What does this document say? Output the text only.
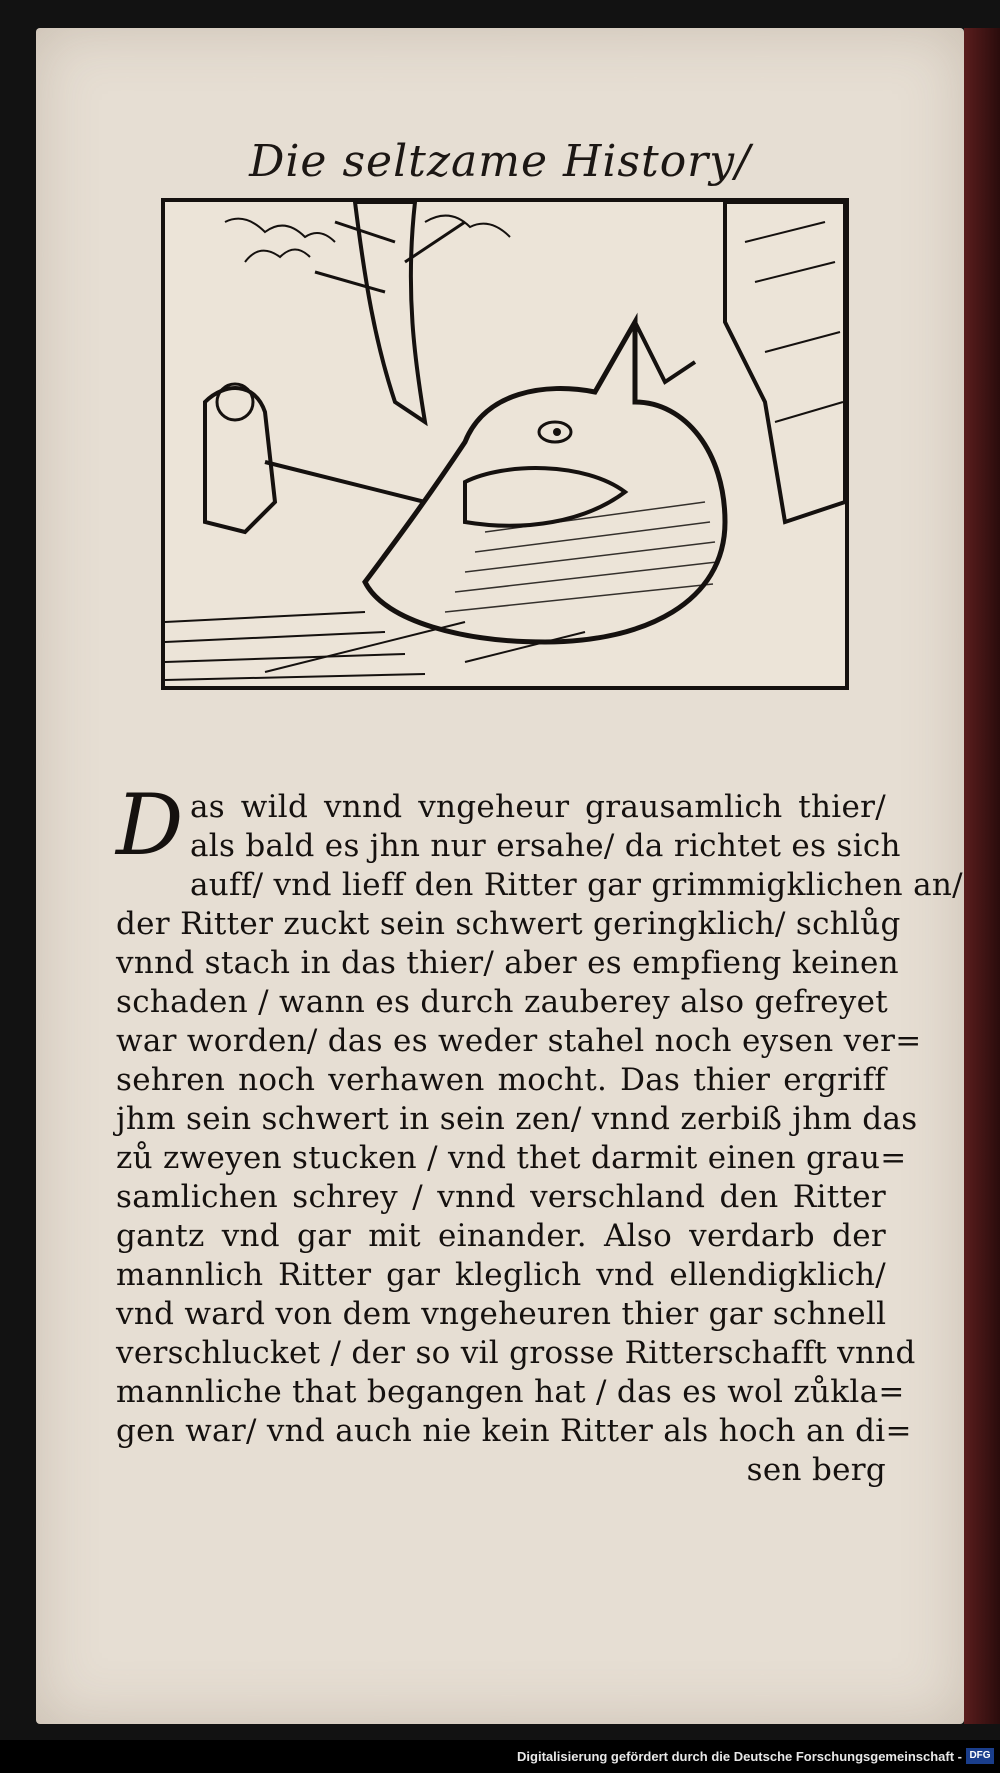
Die seltzame History/
D as wild vnnd vngeheur grausamlich thier/
als bald es jhn nur ersahe/ da richtet es sich
auff/ vnd lieff den Ritter gar grimmigklichen an/
der Ritter zuckt sein schwert geringklich/ schlůg
vnnd stach in das thier/ aber es empfieng keinen
schaden / wann es durch zauberey also gefreyet
war worden/ das es weder stahel noch eysen ver=
sehren noch verhawen mocht. Das thier ergriff
jhm sein schwert in sein zen/ vnnd zerbiß jhm das
zů zweyen stucken / vnd thet darmit einen grau=
samlichen schrey / vnnd verschland den Ritter
gantz vnd gar mit einander. Also verdarb der
mannlich Ritter gar kleglich vnd ellendigklich/
vnd ward von dem vngeheuren thier gar schnell
verschlucket / der so vil grosse Ritterschafft vnnd
mannliche that begangen hat / das es wol zůkla=
gen war/ vnd auch nie kein Ritter als hoch an di=
sen berg
Digitalisierung gefördert durch die Deutsche Forschungsgemeinschaft - DFG
